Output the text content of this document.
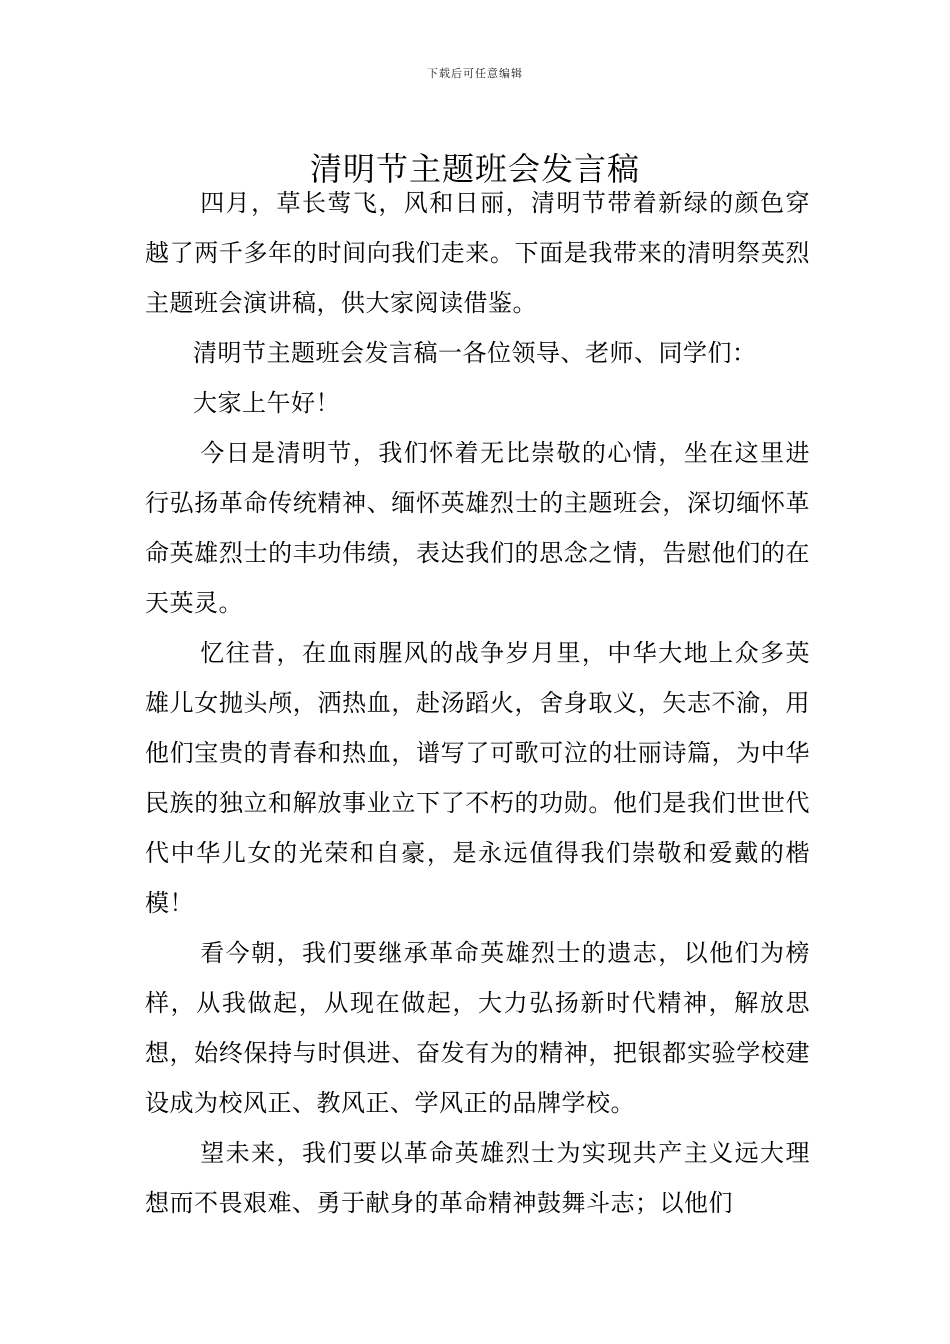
下载后可任意编辑
清明节主题班会发言稿

四月，草长莺飞，风和日丽，清明节带着新绿的颜色穿越了两千多年的时间向我们走来。下面是我带来的清明祭英烈主题班会演讲稿，供大家阅读借鉴。

清明节主题班会发言稿一各位领导、老师、同学们：

大家上午好！

今日是清明节，我们怀着无比崇敬的心情，坐在这里进行弘扬革命传统精神、缅怀英雄烈士的主题班会，深切缅怀革命英雄烈士的丰功伟绩，表达我们的思念之情，告慰他们的在天英灵。

忆往昔，在血雨腥风的战争岁月里，中华大地上众多英雄儿女抛头颅，洒热血，赴汤蹈火，舍身取义，矢志不渝，用他们宝贵的青春和热血，谱写了可歌可泣的壮丽诗篇，为中华民族的独立和解放事业立下了不朽的功勋。他们是我们世世代代中华儿女的光荣和自豪，是永远值得我们崇敬和爱戴的楷模！

看今朝，我们要继承革命英雄烈士的遗志，以他们为榜样，从我做起，从现在做起，大力弘扬新时代精神，解放思想，始终保持与时俱进、奋发有为的精神，把银都实验学校建设成为校风正、教风正、学风正的品牌学校。

望未来，我们要以革命英雄烈士为实现共产主义远大理想而不畏艰难、勇于献身的革命精神鼓舞斗志；以他们
